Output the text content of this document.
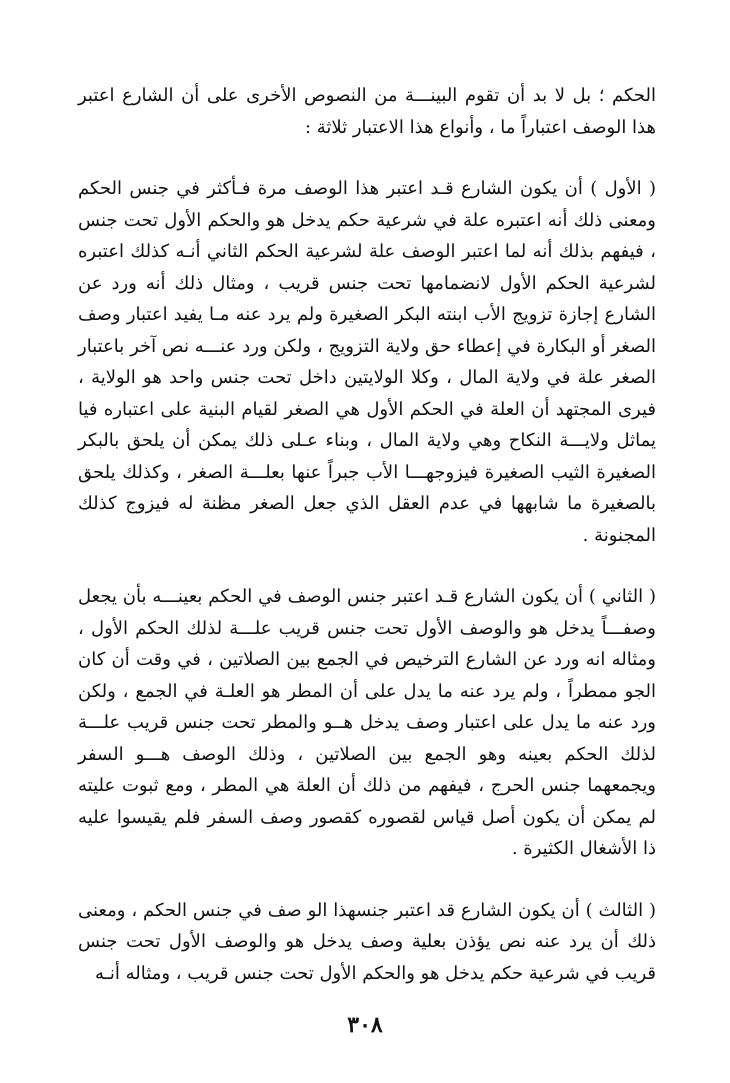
الحكم ؛ بل لا بد أن تقوم البينـــة من النصوص الأخرى على أن الشارع اعتبر هذا الوصف اعتباراً ما ، وأنواع هذا الاعتبار ثلاثة :

( الأول ) أن يكون الشارع قـد اعتبر هذا الوصف مرة فـأكثر في جنس الحكم ومعنى ذلك أنه اعتبره علة في شرعية حكم يدخل هو والحكم الأول تحت جنس ، فيفهم بذلك أنه لما اعتبر الوصف علة لشرعية الحكم الثاني أنـه كذلك اعتبره لشرعية الحكم الأول لانضمامها تحت جنس قريب ، ومثال ذلك أنه ورد عن الشارع إجازة تزويج الأب ابنته البكر الصغيرة ولم يرد عنه مـا يفيد اعتبار وصف الصغر أو البكارة في إعطاء حق ولاية التزويج ، ولكن ورد عنـــه نص آخر باعتبار الصغر علة في ولاية المال ، وكلا الولايتين داخل تحت جنس واحد هو الولاية ، فيرى المجتهد أن العلة في الحكم الأول هي الصغر لقيام البنية على اعتباره فيا يماثل ولايـــة النكاح وهي ولاية المال ، وبناء عـلى ذلك يمكن أن يلحق بالبكر الصغيرة الثيب الصغيرة فيزوجهـــا الأب جبراً عنها بعلـــة الصغر ، وكذلك يلحق بالصغيرة ما شابهها في عدم العقل الذي جعل الصغر مظنة له فيزوج كذلك المجنونة .

( الثاني ) أن يكون الشارع قـد اعتبر جنس الوصف في الحكم بعينـــه بأن يجعل وصفـــاً يدخل هو والوصف الأول تحت جنس قريب علـــة لذلك الحكم الأول ، ومثاله انه ورد عن الشارع الترخيص في الجمع بين الصلاتين ، في وقت أن كان الجو ممطراً ، ولم يرد عنه ما يدل على أن المطر هو العلـة في الجمع ، ولكن ورد عنه ما يدل على اعتبار وصف يدخل هــو والمطر تحت جنس قريب علـــة لذلك الحكم بعينه وهو الجمع بين الصلاتين ، وذلك الوصف هـــو السفر ويجمعهما جنس الحرج ، فيفهم من ذلك أن العلة هي المطر ، ومع ثبوت عليته لم يمكن أن يكون أصل قياس لقصوره كقصور وصف السفر فلم يقيسوا عليه ذا الأشغال الكثيرة .

( الثالث ) أن يكون الشارع قد اعتبر جنسهذا الو صف في جنس الحكم ، ومعنى ذلك أن يرد عنه نص يؤذن بعلية وصف يدخل هو والوصف الأول تحت جنس قريب في شرعية حكم يدخل هو والحكم الأول تحت جنس قريب ، ومثاله أنـه

٣٠٨
